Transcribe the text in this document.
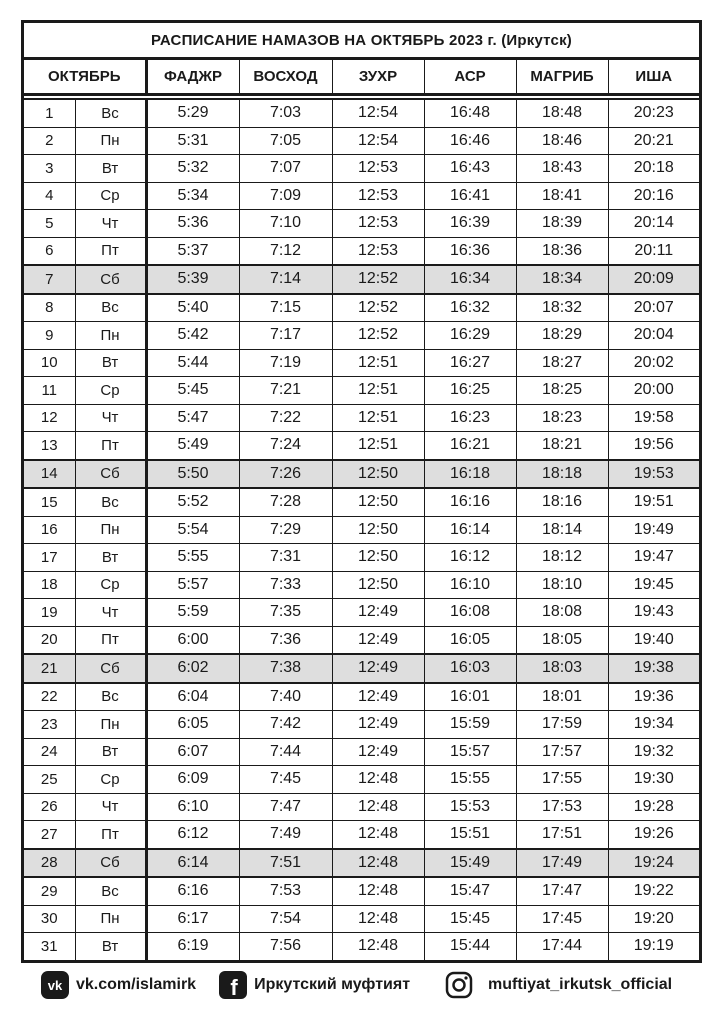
РАСПИСАНИЕ НАМАЗОВ НА ОКТЯБРЬ 2023 г. (Иркутск)
ОКТЯБРЬ		ФАДЖР	ВОСХОД	ЗУХР	АСР	МАГРИБ	ИША

1	Вс	5:29	7:03	12:54	16:48	18:48	20:23
2	Пн	5:31	7:05	12:54	16:46	18:46	20:21
3	Вт	5:32	7:07	12:53	16:43	18:43	20:18
4	Ср	5:34	7:09	12:53	16:41	18:41	20:16
5	Чт	5:36	7:10	12:53	16:39	18:39	20:14
6	Пт	5:37	7:12	12:53	16:36	18:36	20:11
7	Сб	5:39	7:14	12:52	16:34	18:34	20:09
8	Вс	5:40	7:15	12:52	16:32	18:32	20:07
9	Пн	5:42	7:17	12:52	16:29	18:29	20:04
10	Вт	5:44	7:19	12:51	16:27	18:27	20:02
11	Ср	5:45	7:21	12:51	16:25	18:25	20:00
12	Чт	5:47	7:22	12:51	16:23	18:23	19:58
13	Пт	5:49	7:24	12:51	16:21	18:21	19:56
14	Сб	5:50	7:26	12:50	16:18	18:18	19:53
15	Вс	5:52	7:28	12:50	16:16	18:16	19:51
16	Пн	5:54	7:29	12:50	16:14	18:14	19:49
17	Вт	5:55	7:31	12:50	16:12	18:12	19:47
18	Ср	5:57	7:33	12:50	16:10	18:10	19:45
19	Чт	5:59	7:35	12:49	16:08	18:08	19:43
20	Пт	6:00	7:36	12:49	16:05	18:05	19:40
21	Сб	6:02	7:38	12:49	16:03	18:03	19:38
22	Вс	6:04	7:40	12:49	16:01	18:01	19:36
23	Пн	6:05	7:42	12:49	15:59	17:59	19:34
24	Вт	6:07	7:44	12:49	15:57	17:57	19:32
25	Ср	6:09	7:45	12:48	15:55	17:55	19:30
26	Чт	6:10	7:47	12:48	15:53	17:53	19:28
27	Пт	6:12	7:49	12:48	15:51	17:51	19:26
28	Сб	6:14	7:51	12:48	15:49	17:49	19:24
29	Вс	6:16	7:53	12:48	15:47	17:47	19:22
30	Пн	6:17	7:54	12:48	15:45	17:45	19:20
31	Вт	6:19	7:56	12:48	15:44	17:44	19:19
vk vk.com/islamirk f Иркутский муфтият	muftiyat_irkutsk_official
